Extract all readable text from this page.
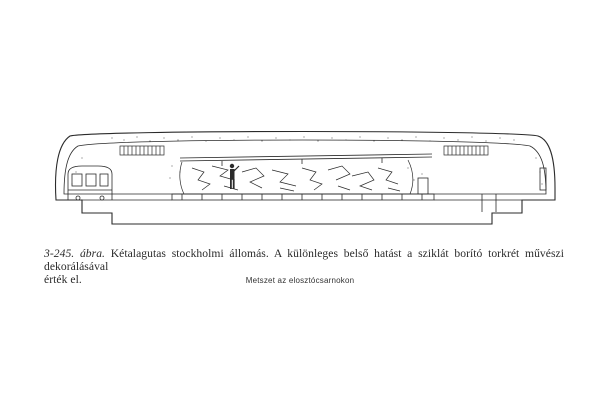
3-245. ábra. Kétalagutas stockholmi állomás. A különleges belső hatást a sziklát borító torkrét művészi dekorálásával
érték el.	Metszet az elosztócsarnokon
